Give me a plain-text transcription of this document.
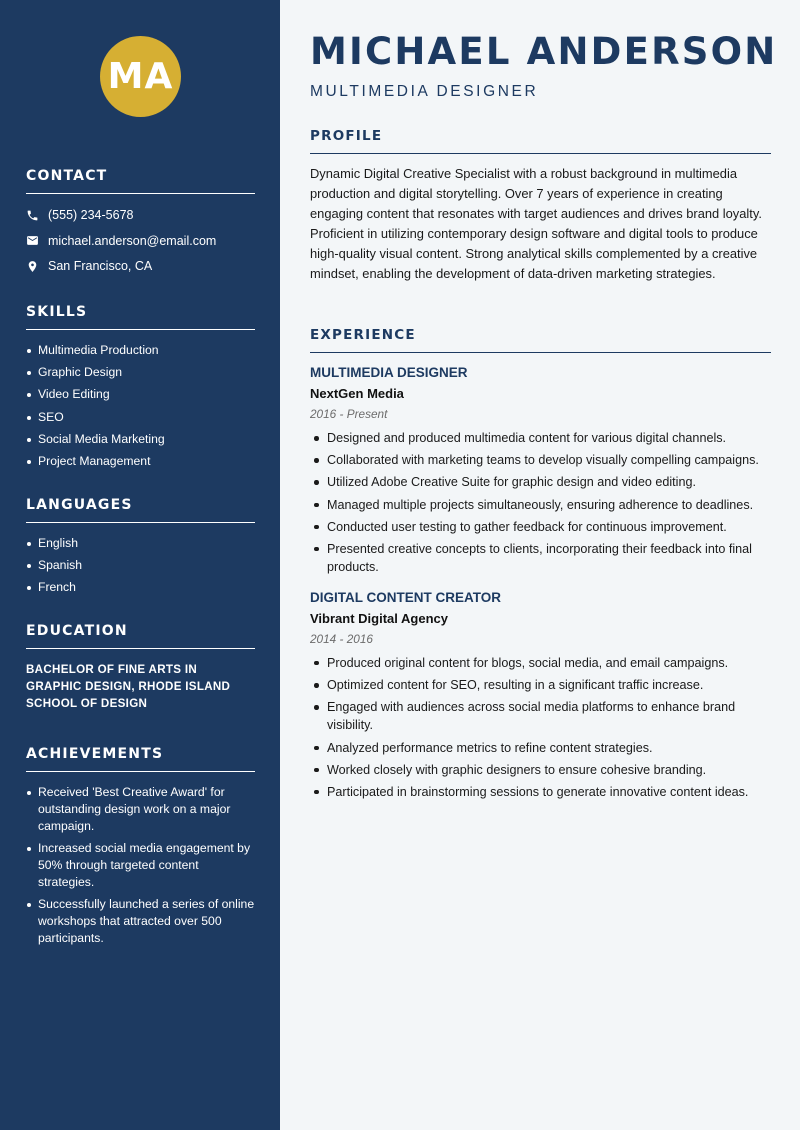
MA
CONTACT
(555) 234-5678
michael.anderson@email.com
San Francisco, CA
SKILLS
Multimedia Production
Graphic Design
Video Editing
SEO
Social Media Marketing
Project Management
LANGUAGES
English
Spanish
French
EDUCATION

BACHELOR OF FINE ARTS IN GRAPHIC DESIGN, RHODE ISLAND SCHOOL OF DESIGN

ACHIEVEMENTS
Received 'Best Creative Award' for outstanding design work on a major campaign.
Increased social media engagement by 50% through targeted content strategies.
Successfully launched a series of online workshops that attracted over 500 participants.
MICHAEL ANDERSON
MULTIMEDIA DESIGNER
PROFILE

Dynamic Digital Creative Specialist with a robust background in multimedia production and digital storytelling. Over 7 years of experience in creating engaging content that resonates with target audiences and drives brand loyalty. Proficient in utilizing contemporary design software and digital tools to produce high-quality visual content. Strong analytical skills complemented by a creative mindset, enabling the development of data-driven marketing strategies.

EXPERIENCE
MULTIMEDIA DESIGNER
NextGen Media
2016 - Present
Designed and produced multimedia content for various digital channels.
Collaborated with marketing teams to develop visually compelling campaigns.
Utilized Adobe Creative Suite for graphic design and video editing.
Managed multiple projects simultaneously, ensuring adherence to deadlines.
Conducted user testing to gather feedback for continuous improvement.
Presented creative concepts to clients, incorporating their feedback into final products.
DIGITAL CONTENT CREATOR
Vibrant Digital Agency
2014 - 2016
Produced original content for blogs, social media, and email campaigns.
Optimized content for SEO, resulting in a significant traffic increase.
Engaged with audiences across social media platforms to enhance brand visibility.
Analyzed performance metrics to refine content strategies.
Worked closely with graphic designers to ensure cohesive branding.
Participated in brainstorming sessions to generate innovative content ideas.
